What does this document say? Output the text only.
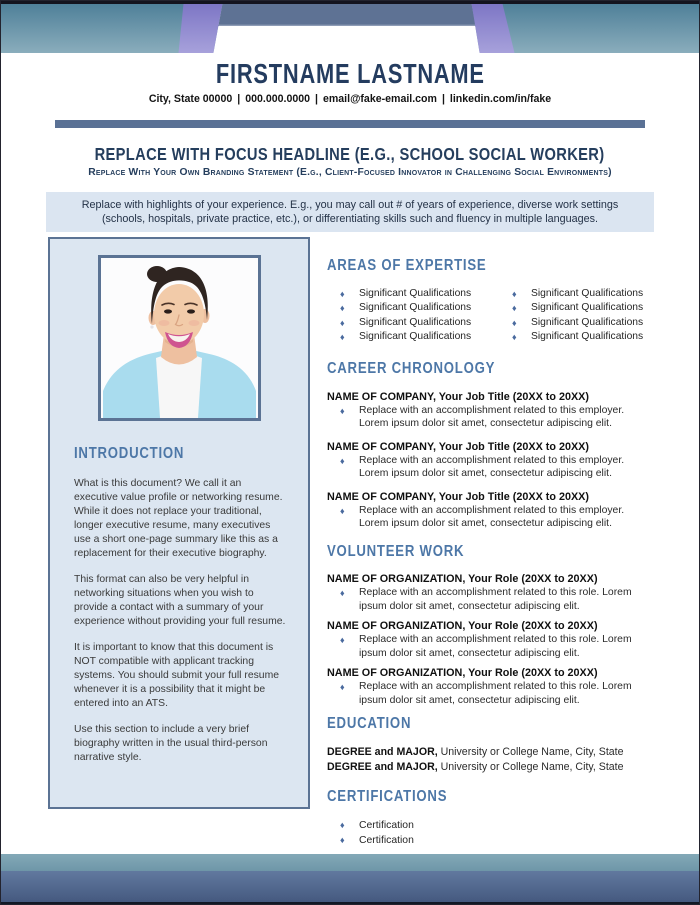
FIRSTNAME LASTNAME
City, State 00000 | 000.000.0000 | email@fake-email.com | linkedin.com/in/fake
REPLACE WITH FOCUS HEADLINE (E.G., SCHOOL SOCIAL WORKER)
Replace With Your Own Branding Statement (E.g., Client-Focused Innovator in Challenging Social Environments)
Replace with highlights of your experience. E.g., you may call out # of years of experience, diverse work settings (schools, hospitals, private practice, etc.), or differentiating skills such and fluency in multiple languages.
INTRODUCTION

What is this document? We call it an executive value profile or networking resume. While it does not replace your traditional, longer executive resume, many executives use a short one-page summary like this as a replacement for their executive biography.

This format can also be very helpful in networking situations when you wish to provide a contact with a summary of your experience without providing your full resume.

It is important to know that this document is NOT compatible with applicant tracking systems. You should submit your full resume whenever it is a possibility that it might be entered into an ATS.

Use this section to include a very brief biography written in the usual third-person narrative style.

AREAS OF EXPERTISE
♦	Significant Qualifications	♦	Significant Qualifications
♦	Significant Qualifications	♦	Significant Qualifications
♦	Significant Qualifications	♦	Significant Qualifications
♦	Significant Qualifications	♦	Significant Qualifications
CAREER CHRONOLOGY
NAME OF COMPANY, Your Job Title (20XX to 20XX)
♦	Replace with an accomplishment related to this employer. Lorem ipsum dolor sit amet, consectetur adipiscing elit.
NAME OF COMPANY, Your Job Title (20XX to 20XX)
♦	Replace with an accomplishment related to this employer. Lorem ipsum dolor sit amet, consectetur adipiscing elit.
NAME OF COMPANY, Your Job Title (20XX to 20XX)
♦	Replace with an accomplishment related to this employer. Lorem ipsum dolor sit amet, consectetur adipiscing elit.
VOLUNTEER WORK
NAME OF ORGANIZATION, Your Role (20XX to 20XX)
♦	Replace with an accomplishment related to this role. Lorem ipsum dolor sit amet, consectetur adipiscing elit.
NAME OF ORGANIZATION, Your Role (20XX to 20XX)
♦	Replace with an accomplishment related to this role. Lorem ipsum dolor sit amet, consectetur adipiscing elit.
NAME OF ORGANIZATION, Your Role (20XX to 20XX)
♦	Replace with an accomplishment related to this role. Lorem ipsum dolor sit amet, consectetur adipiscing elit.
EDUCATION
DEGREE and MAJOR, University or College Name, City, State
DEGREE and MAJOR, University or College Name, City, State
CERTIFICATIONS
♦	Certification
♦	Certification
